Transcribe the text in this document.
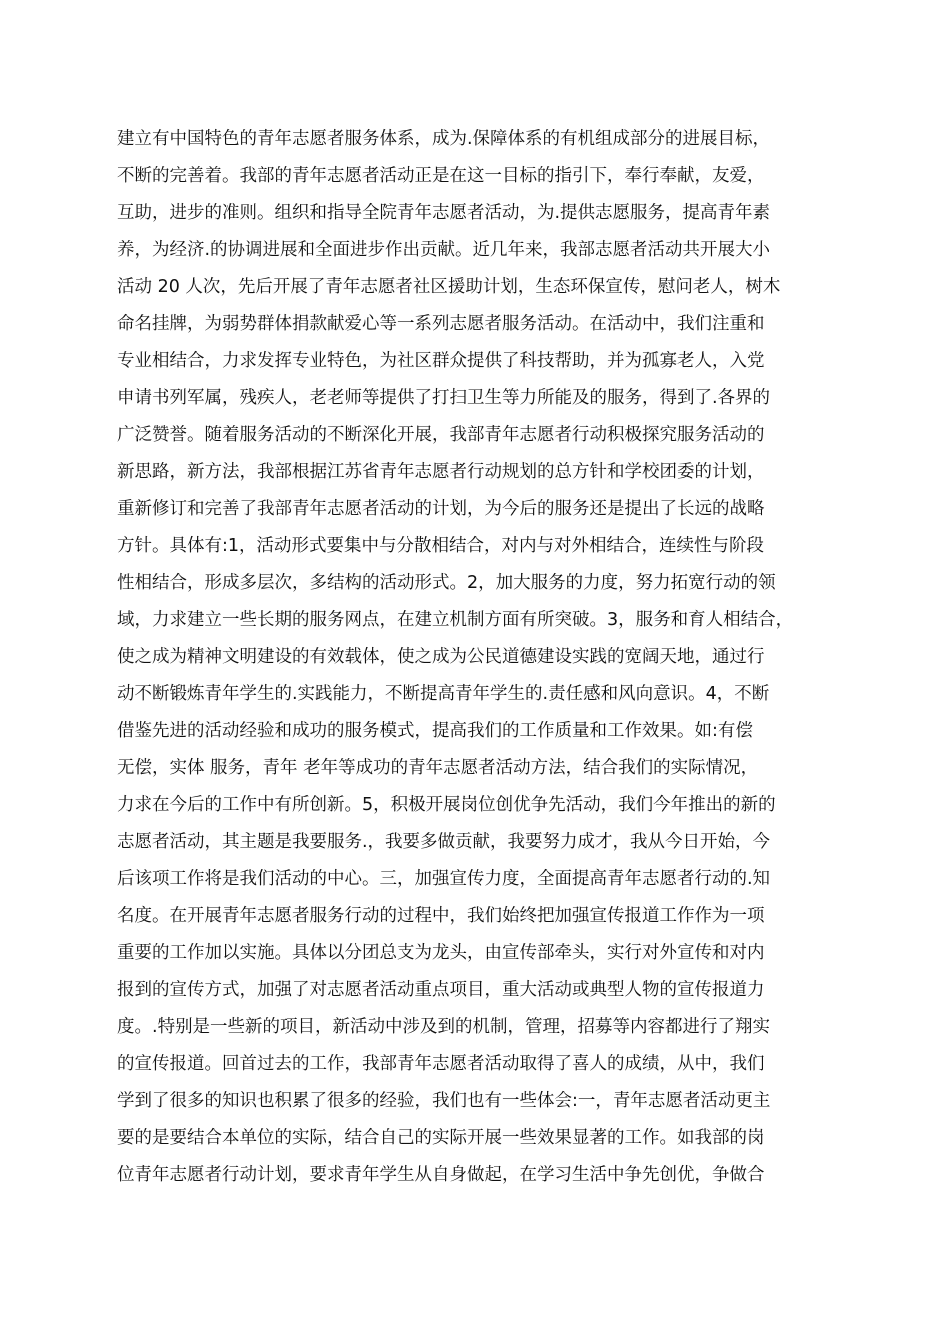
建立有中国特色的青年志愿者服务体系，成为.保障体系的有机组成部分的进展目标，
不断的完善着。我部的青年志愿者活动正是在这一目标的指引下，奉行奉献，友爱，
互助，进步的准则。组织和指导全院青年志愿者活动，为.提供志愿服务，提高青年素
养，为经济.的协调进展和全面进步作出贡献。近几年来，我部志愿者活动共开展大小
活动 20 人次，先后开展了青年志愿者社区援助计划，生态环保宣传，慰问老人，树木
命名挂牌，为弱势群体捐款献爱心等一系列志愿者服务活动。在活动中，我们注重和
专业相结合，力求发挥专业特色，为社区群众提供了科技帮助，并为孤寡老人，入党
申请书列军属，残疾人，老老师等提供了打扫卫生等力所能及的服务，得到了.各界的
广泛赞誉。随着服务活动的不断深化开展，我部青年志愿者行动积极探究服务活动的
新思路，新方法，我部根据江苏省青年志愿者行动规划的总方针和学校团委的计划，
重新修订和完善了我部青年志愿者活动的计划，为今后的服务还是提出了长远的战略
方针。具体有:1，活动形式要集中与分散相结合，对内与对外相结合，连续性与阶段
性相结合，形成多层次，多结构的活动形式。2，加大服务的力度，努力拓宽行动的领
域，力求建立一些长期的服务网点，在建立机制方面有所突破。3，服务和育人相结合，
使之成为精神文明建设的有效载体，使之成为公民道德建设实践的宽阔天地，通过行
动不断锻炼青年学生的.实践能力，不断提高青年学生的.责任感和风向意识。4，不断
借鉴先进的活动经验和成功的服务模式，提高我们的工作质量和工作效果。如:有偿
无偿，实体 服务，青年 老年等成功的青年志愿者活动方法，结合我们的实际情况，
力求在今后的工作中有所创新。5，积极开展岗位创优争先活动，我们今年推出的新的
志愿者活动，其主题是我要服务.，我要多做贡献，我要努力成才，我从今日开始，今
后该项工作将是我们活动的中心。三，加强宣传力度，全面提高青年志愿者行动的.知
名度。在开展青年志愿者服务行动的过程中，我们始终把加强宣传报道工作作为一项
重要的工作加以实施。具体以分团总支为龙头，由宣传部牵头，实行对外宣传和对内
报到的宣传方式，加强了对志愿者活动重点项目，重大活动或典型人物的宣传报道力
度。.特别是一些新的项目，新活动中涉及到的机制，管理，招募等内容都进行了翔实
的宣传报道。回首过去的工作，我部青年志愿者活动取得了喜人的成绩，从中，我们
学到了很多的知识也积累了很多的经验，我们也有一些体会:一，青年志愿者活动更主
要的是要结合本单位的实际，结合自己的实际开展一些效果显著的工作。如我部的岗
位青年志愿者行动计划，要求青年学生从自身做起，在学习生活中争先创优，争做合
